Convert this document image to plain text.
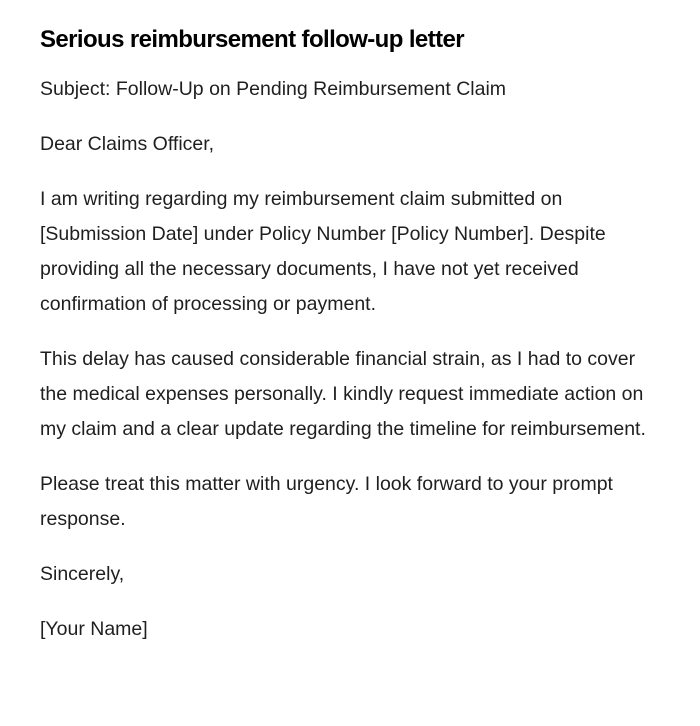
Serious reimbursement follow-up letter

Subject: Follow-Up on Pending Reimbursement Claim

Dear Claims Officer,

I am writing regarding my reimbursement claim submitted on [Submission Date] under Policy Number [Policy Number]. Despite providing all the necessary documents, I have not yet received confirmation of processing or payment.

This delay has caused considerable financial strain, as I had to cover the medical expenses personally. I kindly request immediate action on my claim and a clear update regarding the timeline for reimbursement.

Please treat this matter with urgency. I look forward to your prompt response.

Sincerely,

[Your Name]
